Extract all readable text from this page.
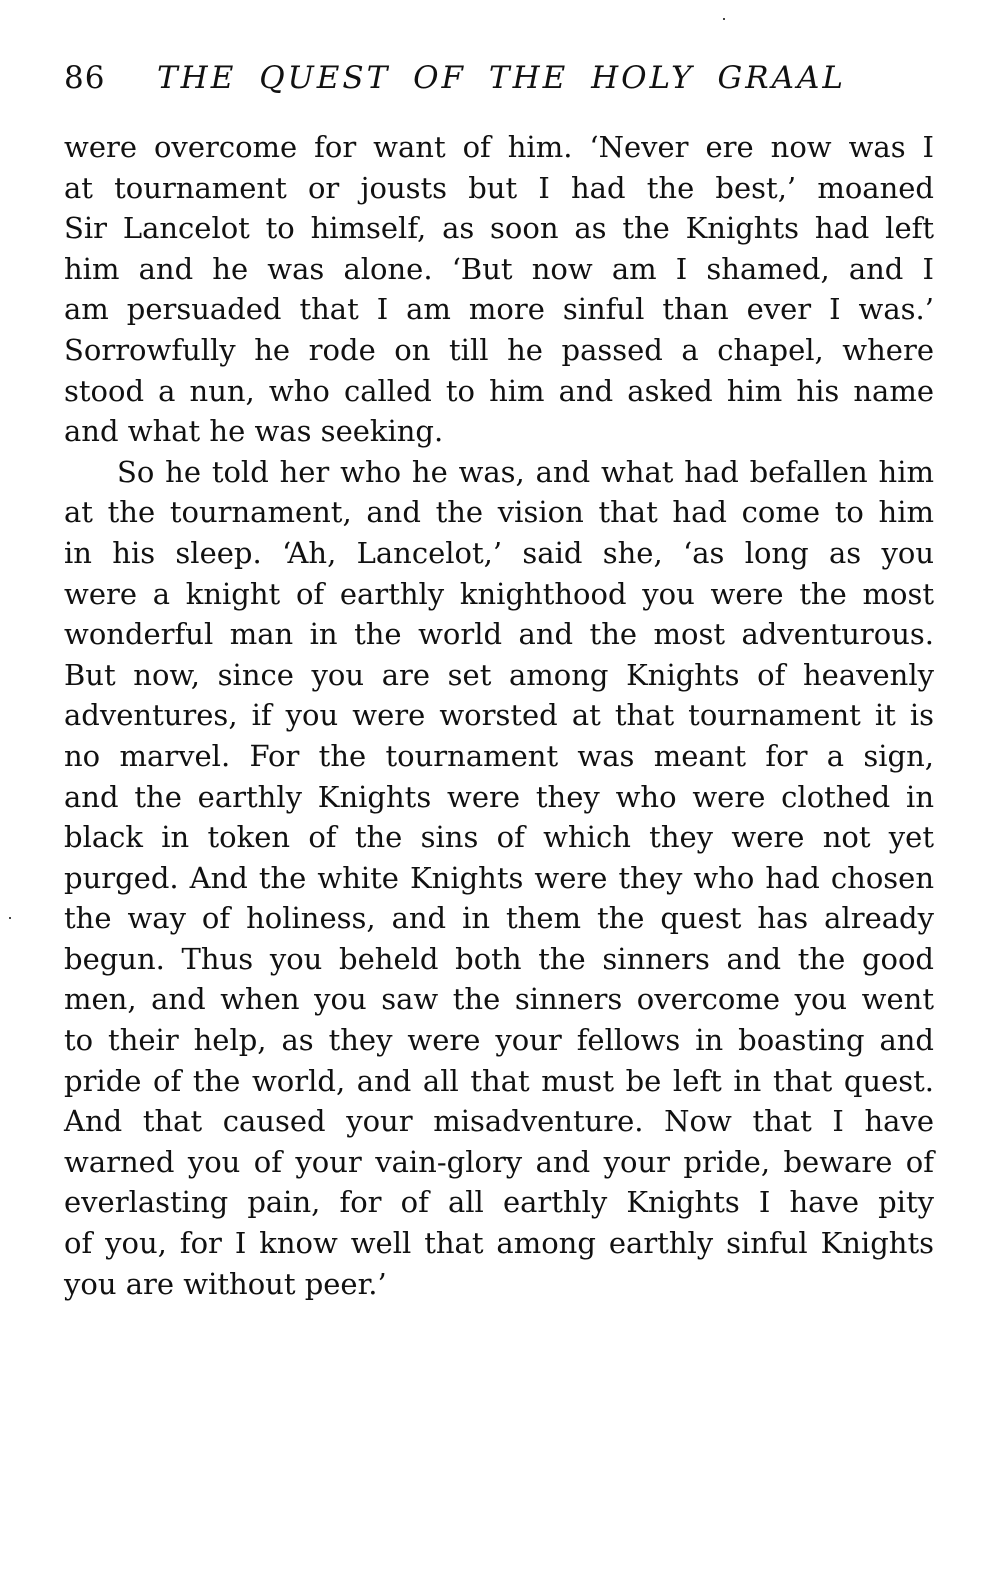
86 THE QUEST OF THE HOLY GRAAL
were overcome for want of him. ‘Never ere now was I
at tournament or jousts but I had the best,’ moaned
Sir Lancelot to himself, as soon as the Knights had left
him and he was alone. ‘But now am I shamed, and I
am persuaded that I am more sinful than ever I was.’
Sorrowfully he rode on till he passed a chapel, where
stood a nun, who called to him and asked him his name
and what he was seeking.
So he told her who he was, and what had befallen him
at the tournament, and the vision that had come to him
in his sleep. ‘Ah, Lancelot,’ said she, ‘as long as you
were a knight of earthly knighthood you were the most
wonderful man in the world and the most adventurous.
But now, since you are set among Knights of heavenly
adventures, if you were worsted at that tournament it is
no marvel. For the tournament was meant for a sign,
and the earthly Knights were they who were clothed in
black in token of the sins of which they were not yet
purged. And the white Knights were they who had chosen
the way of holiness, and in them the quest has already
begun. Thus you beheld both the sinners and the good
men, and when you saw the sinners overcome you went
to their help, as they were your fellows in boasting and
pride of the world, and all that must be left in that quest.
And that caused your misadventure. Now that I have
warned you of your vain-glory and your pride, beware of
everlasting pain, for of all earthly Knights I have pity
of you, for I know well that among earthly sinful Knights
you are without peer.’
